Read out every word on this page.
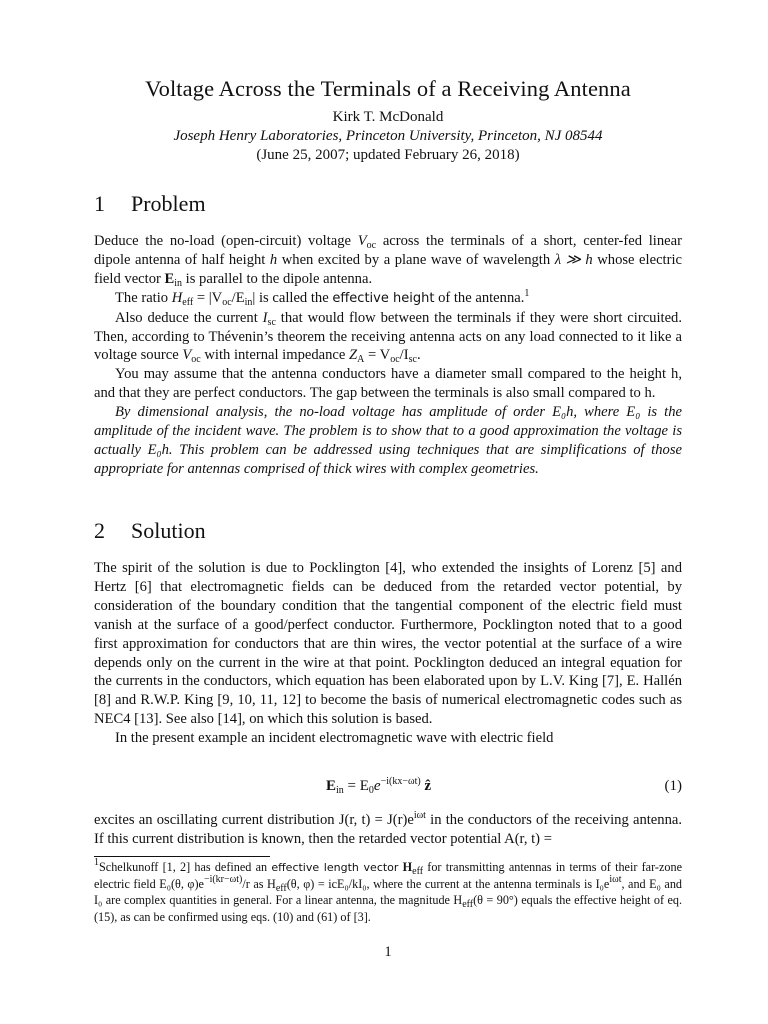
Voltage Across the Terminals of a Receiving Antenna
Kirk T. McDonald
Joseph Henry Laboratories, Princeton University, Princeton, NJ 08544
(June 25, 2007; updated February 26, 2018)
1 Problem

Deduce the no-load (open-circuit) voltage $V_{oc}$ across the terminals of a short, center-fed linear dipole antenna of half height h when excited by a plane wave of wavelength λ ≫ h whose electric field vector $E_{in}$ is parallel to the dipole antenna.

The ratio $H_{eff} = |V_{oc}/E_{in}|$ is called the effective height of the antenna.$^1$

Also deduce the current $I_{sc}$ that would flow between the terminals if they were short circuited. Then, according to Thévenin’s theorem the receiving antenna acts on any load connected to it like a voltage source $V_{oc}$ with internal impedance $Z_A = V_{oc}/I_{sc}$.

You may assume that the antenna conductors have a diameter small compared to the height h, and that they are perfect conductors. The gap between the terminals is also small compared to h.

By dimensional analysis, the no-load voltage has amplitude of order E₀h, where E₀ is the amplitude of the incident wave. The problem is to show that to a good approximation the voltage is actually E₀h. This problem can be addressed using techniques that are simplifications of those appropriate for antennas comprised of thick wires with complex geometries.

2 Solution

The spirit of the solution is due to Pocklington [4], who extended the insights of Lorenz [5] and Hertz [6] that electromagnetic fields can be deduced from the retarded vector potential, by consideration of the boundary condition that the tangential component of the electric field must vanish at the surface of a good/perfect conductor. Furthermore, Pocklington noted that to a good first approximation for conductors that are thin wires, the vector potential at the surface of a wire depends only on the current in the wire at that point. Pocklington deduced an integral equation for the currents in the conductors, which equation has been elaborated upon by L.V. King [7], E. Hallén [8] and R.W.P. King [9, 10, 11, 12] to become the basis of numerical electromagnetic codes such as NEC4 [13]. See also [14], on which this solution is based.

In the present example an incident electromagnetic wave with electric field

$E_{in} = E_0e^{-i(kx-\omega t)}$ ẑ	(1)
excites an oscillating current distribution J(r, $t) = J(r)e^{i\omega t}$ in the conductors of the receiving antenna. If this current distribution is known, then the retarded vector potential A(r, t) =
$^1$Schelkunoff [1, 2] has defined an effective length vector $H_{eff}$ for transmitting antennas in terms of their far-zone electric field E₀(θ, $\varphi)e^{-i(kr-\omega t)}/r$ as $H_{eff}(\theta$, φ) = icE₀/kI₀, where the current at the antenna terminals is $I_0e^{i\omega t}$, and E₀ and I₀ are complex quantities in general. For a linear antenna, the magnitude $H_{eff}(\theta = 90^\circ)$ equals the effective height of eq. (15), as can be confirmed using eqs. (10) and (61) of [3].
1
